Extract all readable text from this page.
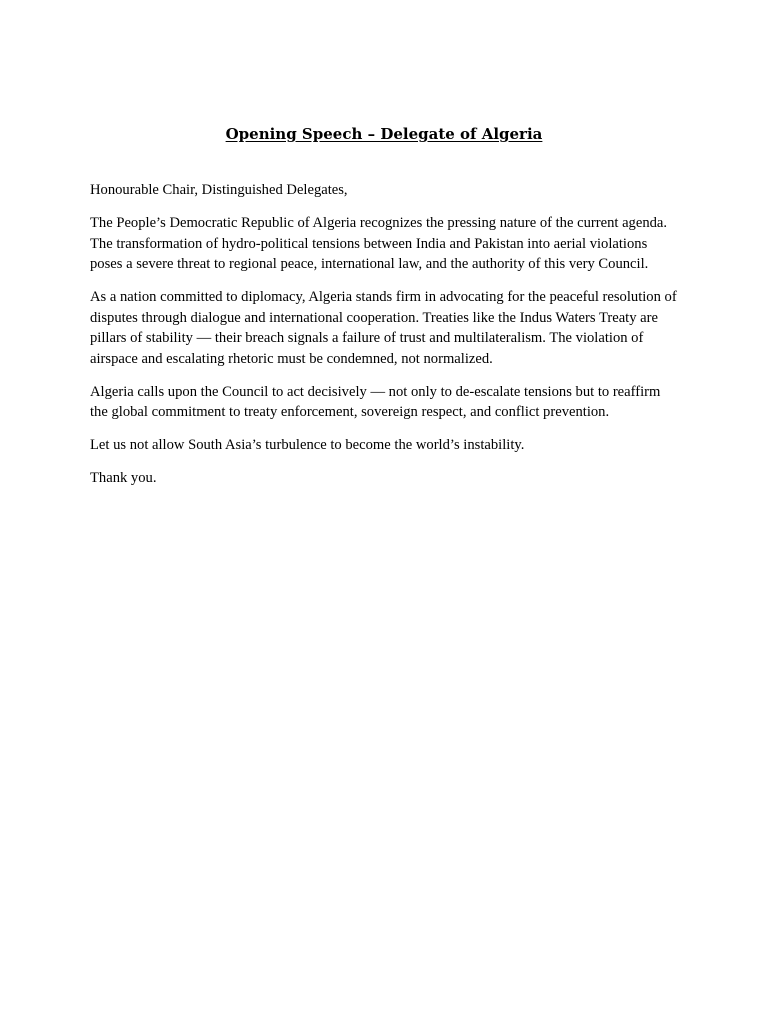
Opening Speech – Delegate of Algeria

Honourable Chair, Distinguished Delegates,

The People’s Democratic Republic of Algeria recognizes the pressing nature of the current agenda. The transformation of hydro-political tensions between India and Pakistan into aerial violations poses a severe threat to regional peace, international law, and the authority of this very Council.

As a nation committed to diplomacy, Algeria stands firm in advocating for the peaceful resolution of disputes through dialogue and international cooperation. Treaties like the Indus Waters Treaty are pillars of stability — their breach signals a failure of trust and multilateralism. The violation of airspace and escalating rhetoric must be condemned, not normalized.

Algeria calls upon the Council to act decisively — not only to de-escalate tensions but to reaffirm the global commitment to treaty enforcement, sovereign respect, and conflict prevention.

Let us not allow South Asia’s turbulence to become the world’s instability.

Thank you.
